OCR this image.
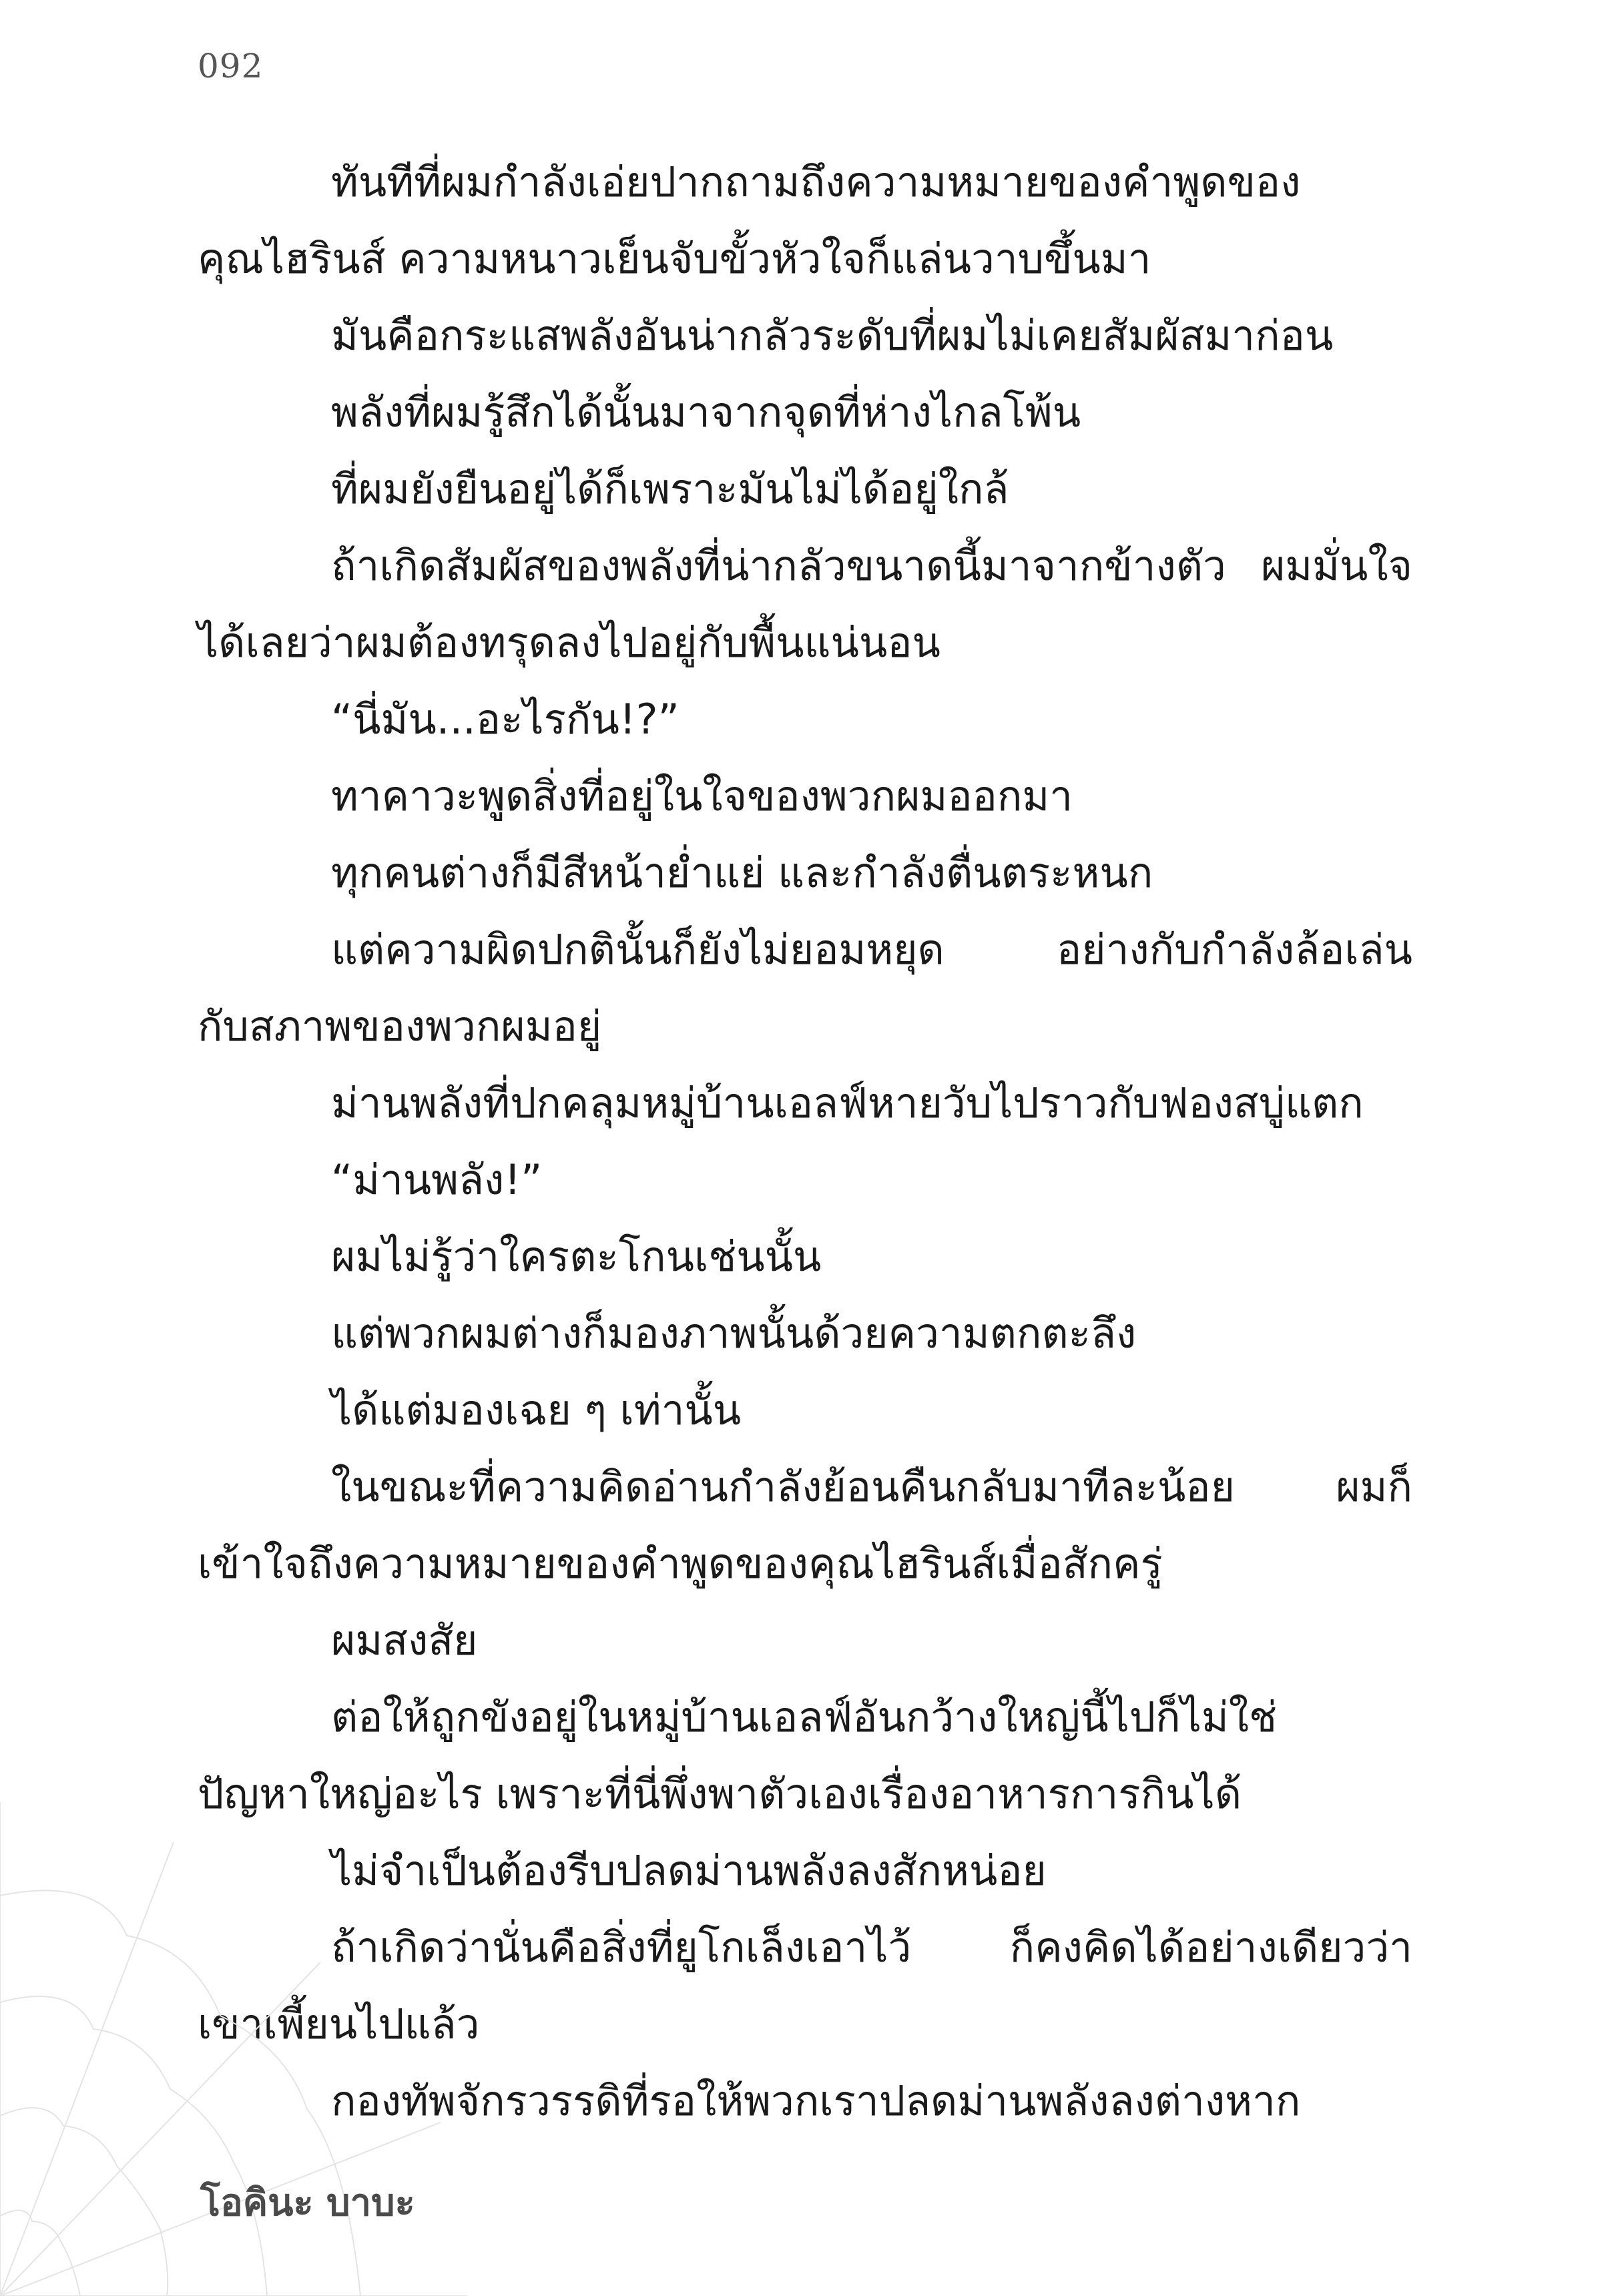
092
ทันทีที่ผมกำลังเอ่ยปากถามถึงความหมายของคำพูดของ
คุณไฮรินส์ ความหนาวเย็นจับขั้วหัวใจก็แล่นวาบขึ้นมา
มันคือกระแสพลังอันน่ากลัวระดับที่ผมไม่เคยสัมผัสมาก่อน
พลังที่ผมรู้สึกได้นั้นมาจากจุดที่ห่างไกลโพ้น
ที่ผมยังยืนอยู่ได้ก็เพราะมันไม่ได้อยู่ใกล้
ถ้าเกิดสัมผัสของพลังที่น่ากลัวขนาดนี้มาจากข้างตัว ผมมั่นใจ
ได้เลยว่าผมต้องทรุดลงไปอยู่กับพื้นแน่นอน
“นี่มัน...อะไรกัน!?”
ทาคาวะพูดสิ่งที่อยู่ในใจของพวกผมออกมา
ทุกคนต่างก็มีสีหน้าย่ำแย่ และกำลังตื่นตระหนก
แต่ความผิดปกตินั้นก็ยังไม่ยอมหยุด อย่างกับกำลังล้อเล่น
กับสภาพของพวกผมอยู่
ม่านพลังที่ปกคลุมหมู่บ้านเอลฟ์หายวับไปราวกับฟองสบู่แตก
“ม่านพลัง!”
ผมไม่รู้ว่าใครตะโกนเช่นนั้น
แต่พวกผมต่างก็มองภาพนั้นด้วยความตกตะลึง
ได้แต่มองเฉย ๆ เท่านั้น
ในขณะที่ความคิดอ่านกำลังย้อนคืนกลับมาทีละน้อย ผมก็
เข้าใจถึงความหมายของคำพูดของคุณไฮรินส์เมื่อสักครู่
ผมสงสัย
ต่อให้ถูกขังอยู่ในหมู่บ้านเอลฟ์อันกว้างใหญ่นี้ไปก็ไม่ใช่
ปัญหาใหญ่อะไร เพราะที่นี่พึ่งพาตัวเองเรื่องอาหารการกินได้
ไม่จำเป็นต้องรีบปลดม่านพลังลงสักหน่อย
ถ้าเกิดว่านั่นคือสิ่งที่ยูโกเล็งเอาไว้ ก็คงคิดได้อย่างเดียวว่า
เขาเพี้ยนไปแล้ว
กองทัพจักรวรรดิที่รอให้พวกเราปลดม่านพลังลงต่างหาก
โอคินะ บาบะ
